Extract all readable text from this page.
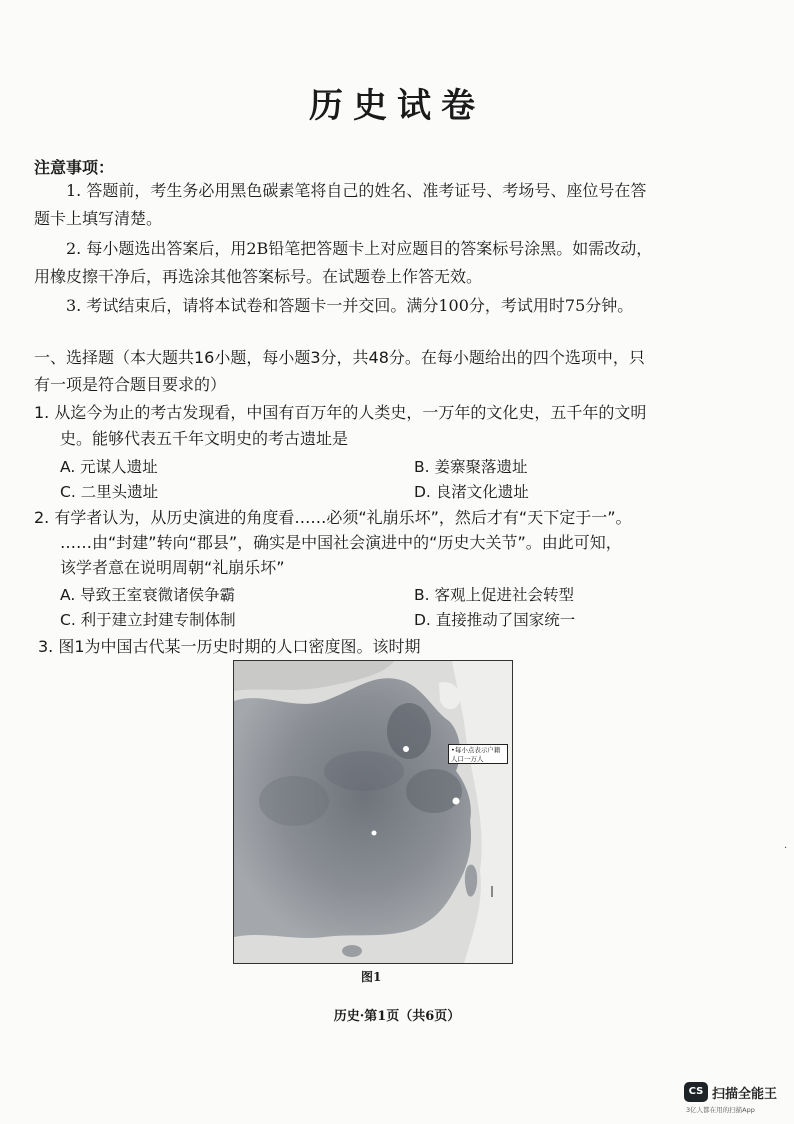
历史试卷
注意事项：
1. 答题前，考生务必用黑色碳素笔将自己的姓名、准考证号、考场号、座位号在答
题卡上填写清楚。
2. 每小题选出答案后，用2B铅笔把答题卡上对应题目的答案标号涂黑。如需改动，
用橡皮擦干净后，再选涂其他答案标号。在试题卷上作答无效。
3. 考试结束后，请将本试卷和答题卡一并交回。满分100分，考试用时75分钟。
一、选择题（本大题共16小题，每小题3分，共48分。在每小题给出的四个选项中，只
有一项是符合题目要求的）
1. 从迄今为止的考古发现看，中国有百万年的人类史，一万年的文化史，五千年的文明
史。能够代表五千年文明史的考古遗址是
A. 元谋人遗址	B. 姜寨聚落遗址
C. 二里头遗址	D. 良渚文化遗址
2. 有学者认为，从历史演进的角度看……必须“礼崩乐坏”，然后才有“天下定于一”。
……由“封建”转向“郡县”，确实是中国社会演进中的“历史大关节”。由此可知，
该学者意在说明周朝“礼崩乐坏”
A. 导致王室衰微诸侯争霸	B. 客观上促进社会转型
C. 利于建立封建专制体制	D. 直接推动了国家统一
3. 图1为中国古代某一历史时期的人口密度图。该时期
•每小点表示户籍
人口一万人
图1
历史·第1页（共6页）
·
CS 扫描全能王
3亿人都在用的扫描App
